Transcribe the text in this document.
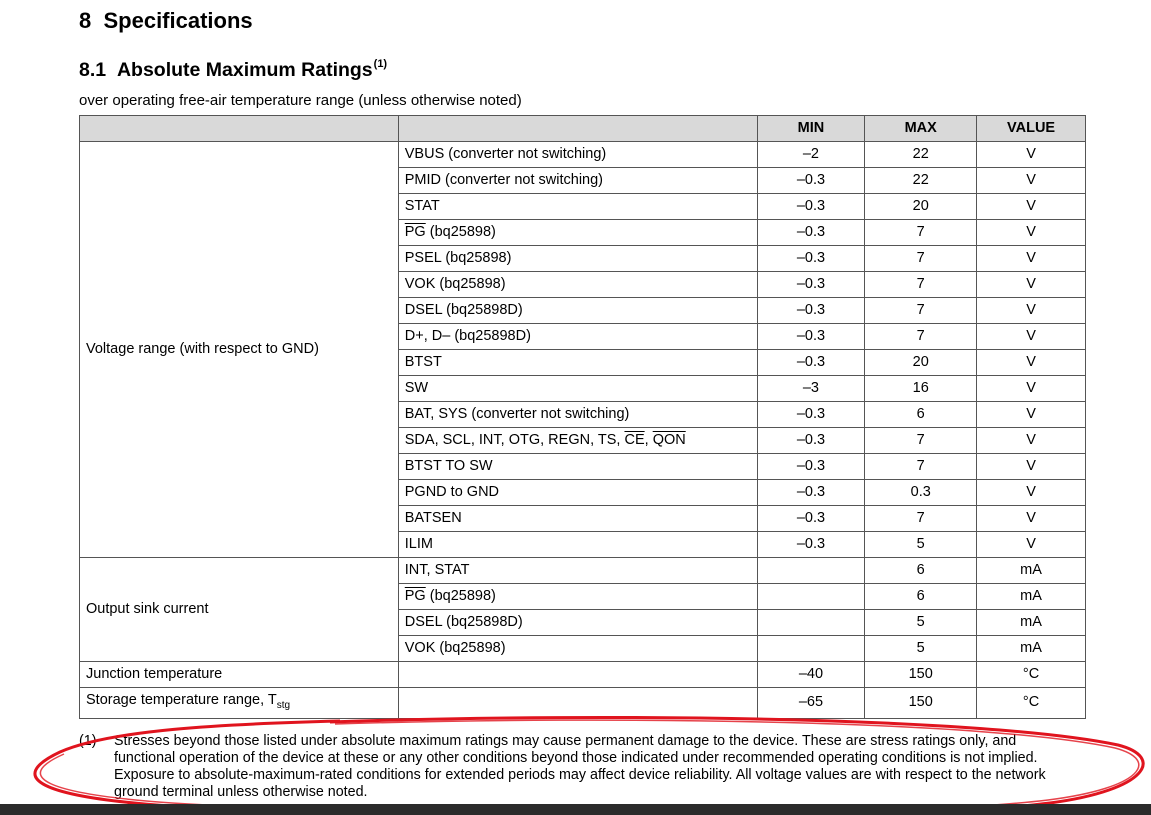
8 Specifications
8.1 Absolute Maximum Ratings$^{(1)}$
over operating free-air temperature range (unless otherwise noted)
		MIN	MAX	VALUE
Voltage range (with respect to GND)	VBUS (converter not switching)	–2	22	V
	PMID (converter not switching)	–0.3	22	V
	STAT	–0.3	20	V
	$\overline{PG}$ (bq25898)	–0.3	7	V
	PSEL (bq25898)	–0.3	7	V
	VOK (bq25898)	–0.3	7	V
	DSEL (bq25898D)	–0.3	7	V
	D+, D– (bq25898D)	–0.3	7	V
	BTST	–0.3	20	V
	SW	–3	16	V
	BAT, SYS (converter not switching)	–0.3	6	V
	SDA, SCL, INT, OTG, REGN, TS, $\overline{CE}$, $\overline{QON}$	–0.3	7	V
	BTST TO SW	–0.3	7	V
	PGND to GND	–0.3	0.3	V
	BATSEN	–0.3	7	V
	ILIM	–0.3	5	V
Output sink current	INT, STAT		6	mA
	$\overline{PG}$ (bq25898)		6	mA
	DSEL (bq25898D)		5	mA
	VOK (bq25898)		5	mA
Junction temperature		–40	150	°C
Storage temperature range, $T_{stg}$		–65	150	°C
(1) Stresses beyond those listed under absolute maximum ratings may cause permanent damage to the device. These are stress ratings only, and functional operation of the device at these or any other conditions beyond those indicated under recommended operating conditions is not implied. Exposure to absolute-maximum-rated conditions for extended periods may affect device reliability. All voltage values are with respect to the network ground terminal unless otherwise noted.
